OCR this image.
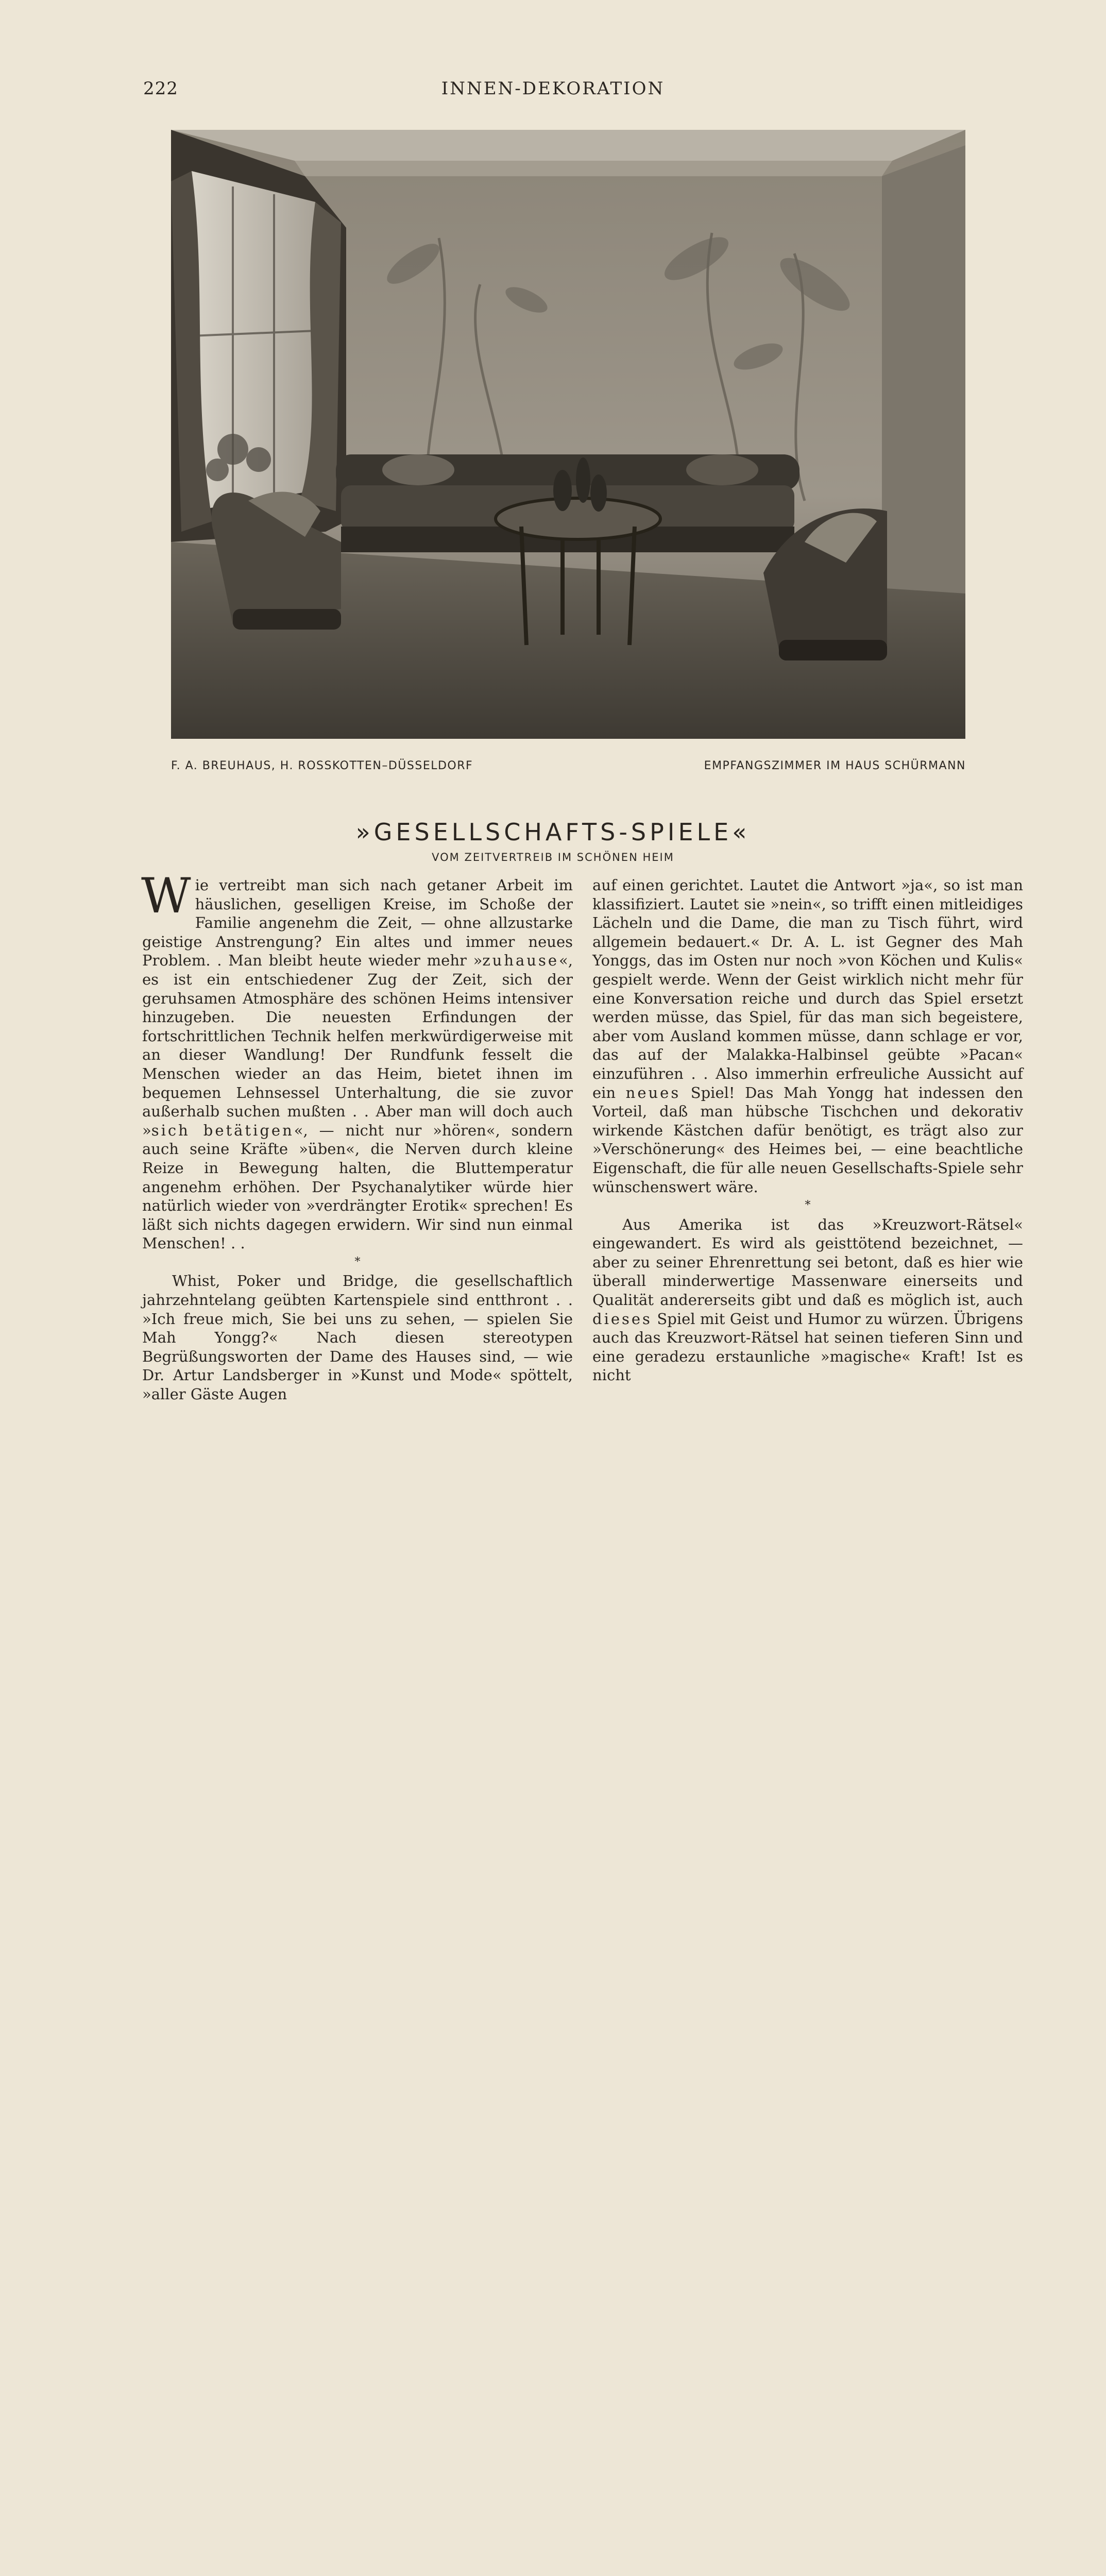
222	INNEN-DEKORATION
F. A. BREUHAUS, H. ROSSKOTTEN–DÜSSELDORF	EMPFANGSZIMMER IM HAUS SCHÜRMANN
»GESELLSCHAFTS-SPIELE«
VOM ZEITVERTREIB IM SCHÖNEN HEIM

Wie vertreibt man sich nach getaner Arbeit im häuslichen, geselligen Kreise, im Schoße der Familie angenehm die Zeit, — ohne allzustarke geistige Anstrengung? Ein altes und immer neues Problem. . Man bleibt heute wieder mehr »zuhause«, es ist ein entschiedener Zug der Zeit, sich der geruhsamen Atmosphäre des schönen Heims intensiver hinzugeben. Die neuesten Erfindungen der fortschrittlichen Technik helfen merkwürdigerweise mit an dieser Wandlung! Der Rundfunk fesselt die Menschen wieder an das Heim, bietet ihnen im bequemen Lehnsessel Unterhaltung, die sie zuvor außerhalb suchen mußten . . Aber man will doch auch »sich betätigen«, — nicht nur »hören«, sondern auch seine Kräfte »üben«, die Nerven durch kleine Reize in Bewegung halten, die Bluttemperatur angenehm erhöhen. Der Psychanalytiker würde hier natürlich wieder von »verdrängter Erotik« sprechen! Es läßt sich nichts dagegen erwidern. Wir sind nun einmal Menschen! . .

*

Whist, Poker und Bridge, die gesellschaftlich jahrzehntelang geübten Kartenspiele sind entthront . . »Ich freue mich, Sie bei uns zu sehen, — spielen Sie Mah Yongg?« Nach diesen stereotypen Begrüßungsworten der Dame des Hauses sind, — wie Dr. Artur Landsberger in »Kunst und Mode« spöttelt, »aller Gäste Augen

auf einen gerichtet. Lautet die Antwort »ja«, so ist man klassifiziert. Lautet sie »nein«, so trifft einen mitleidiges Lächeln und die Dame, die man zu Tisch führt, wird allgemein bedauert.« Dr. A. L. ist Gegner des Mah Yonggs, das im Osten nur noch »von Köchen und Kulis« gespielt werde. Wenn der Geist wirklich nicht mehr für eine Konversation reiche und durch das Spiel ersetzt werden müsse, das Spiel, für das man sich begeistere, aber vom Ausland kommen müsse, dann schlage er vor, das auf der Malakka-Halbinsel geübte »Pacan« einzuführen . . Also immerhin erfreuliche Aussicht auf ein neues Spiel! Das Mah Yongg hat indessen den Vorteil, daß man hübsche Tischchen und dekorativ wirkende Kästchen dafür benötigt, es trägt also zur »Verschönerung« des Heimes bei, — eine beachtliche Eigenschaft, die für alle neuen Gesellschafts-Spiele sehr wünschenswert wäre.

*

Aus Amerika ist das »Kreuzwort-Rätsel« eingewandert. Es wird als geisttötend bezeichnet, — aber zu seiner Ehrenrettung sei betont, daß es hier wie überall minderwertige Massenware einerseits und Qualität andererseits gibt und daß es möglich ist, auch dieses Spiel mit Geist und Humor zu würzen. Übrigens auch das Kreuzwort-Rätsel hat seinen tieferen Sinn und eine geradezu erstaunliche »magische« Kraft! Ist es nicht
